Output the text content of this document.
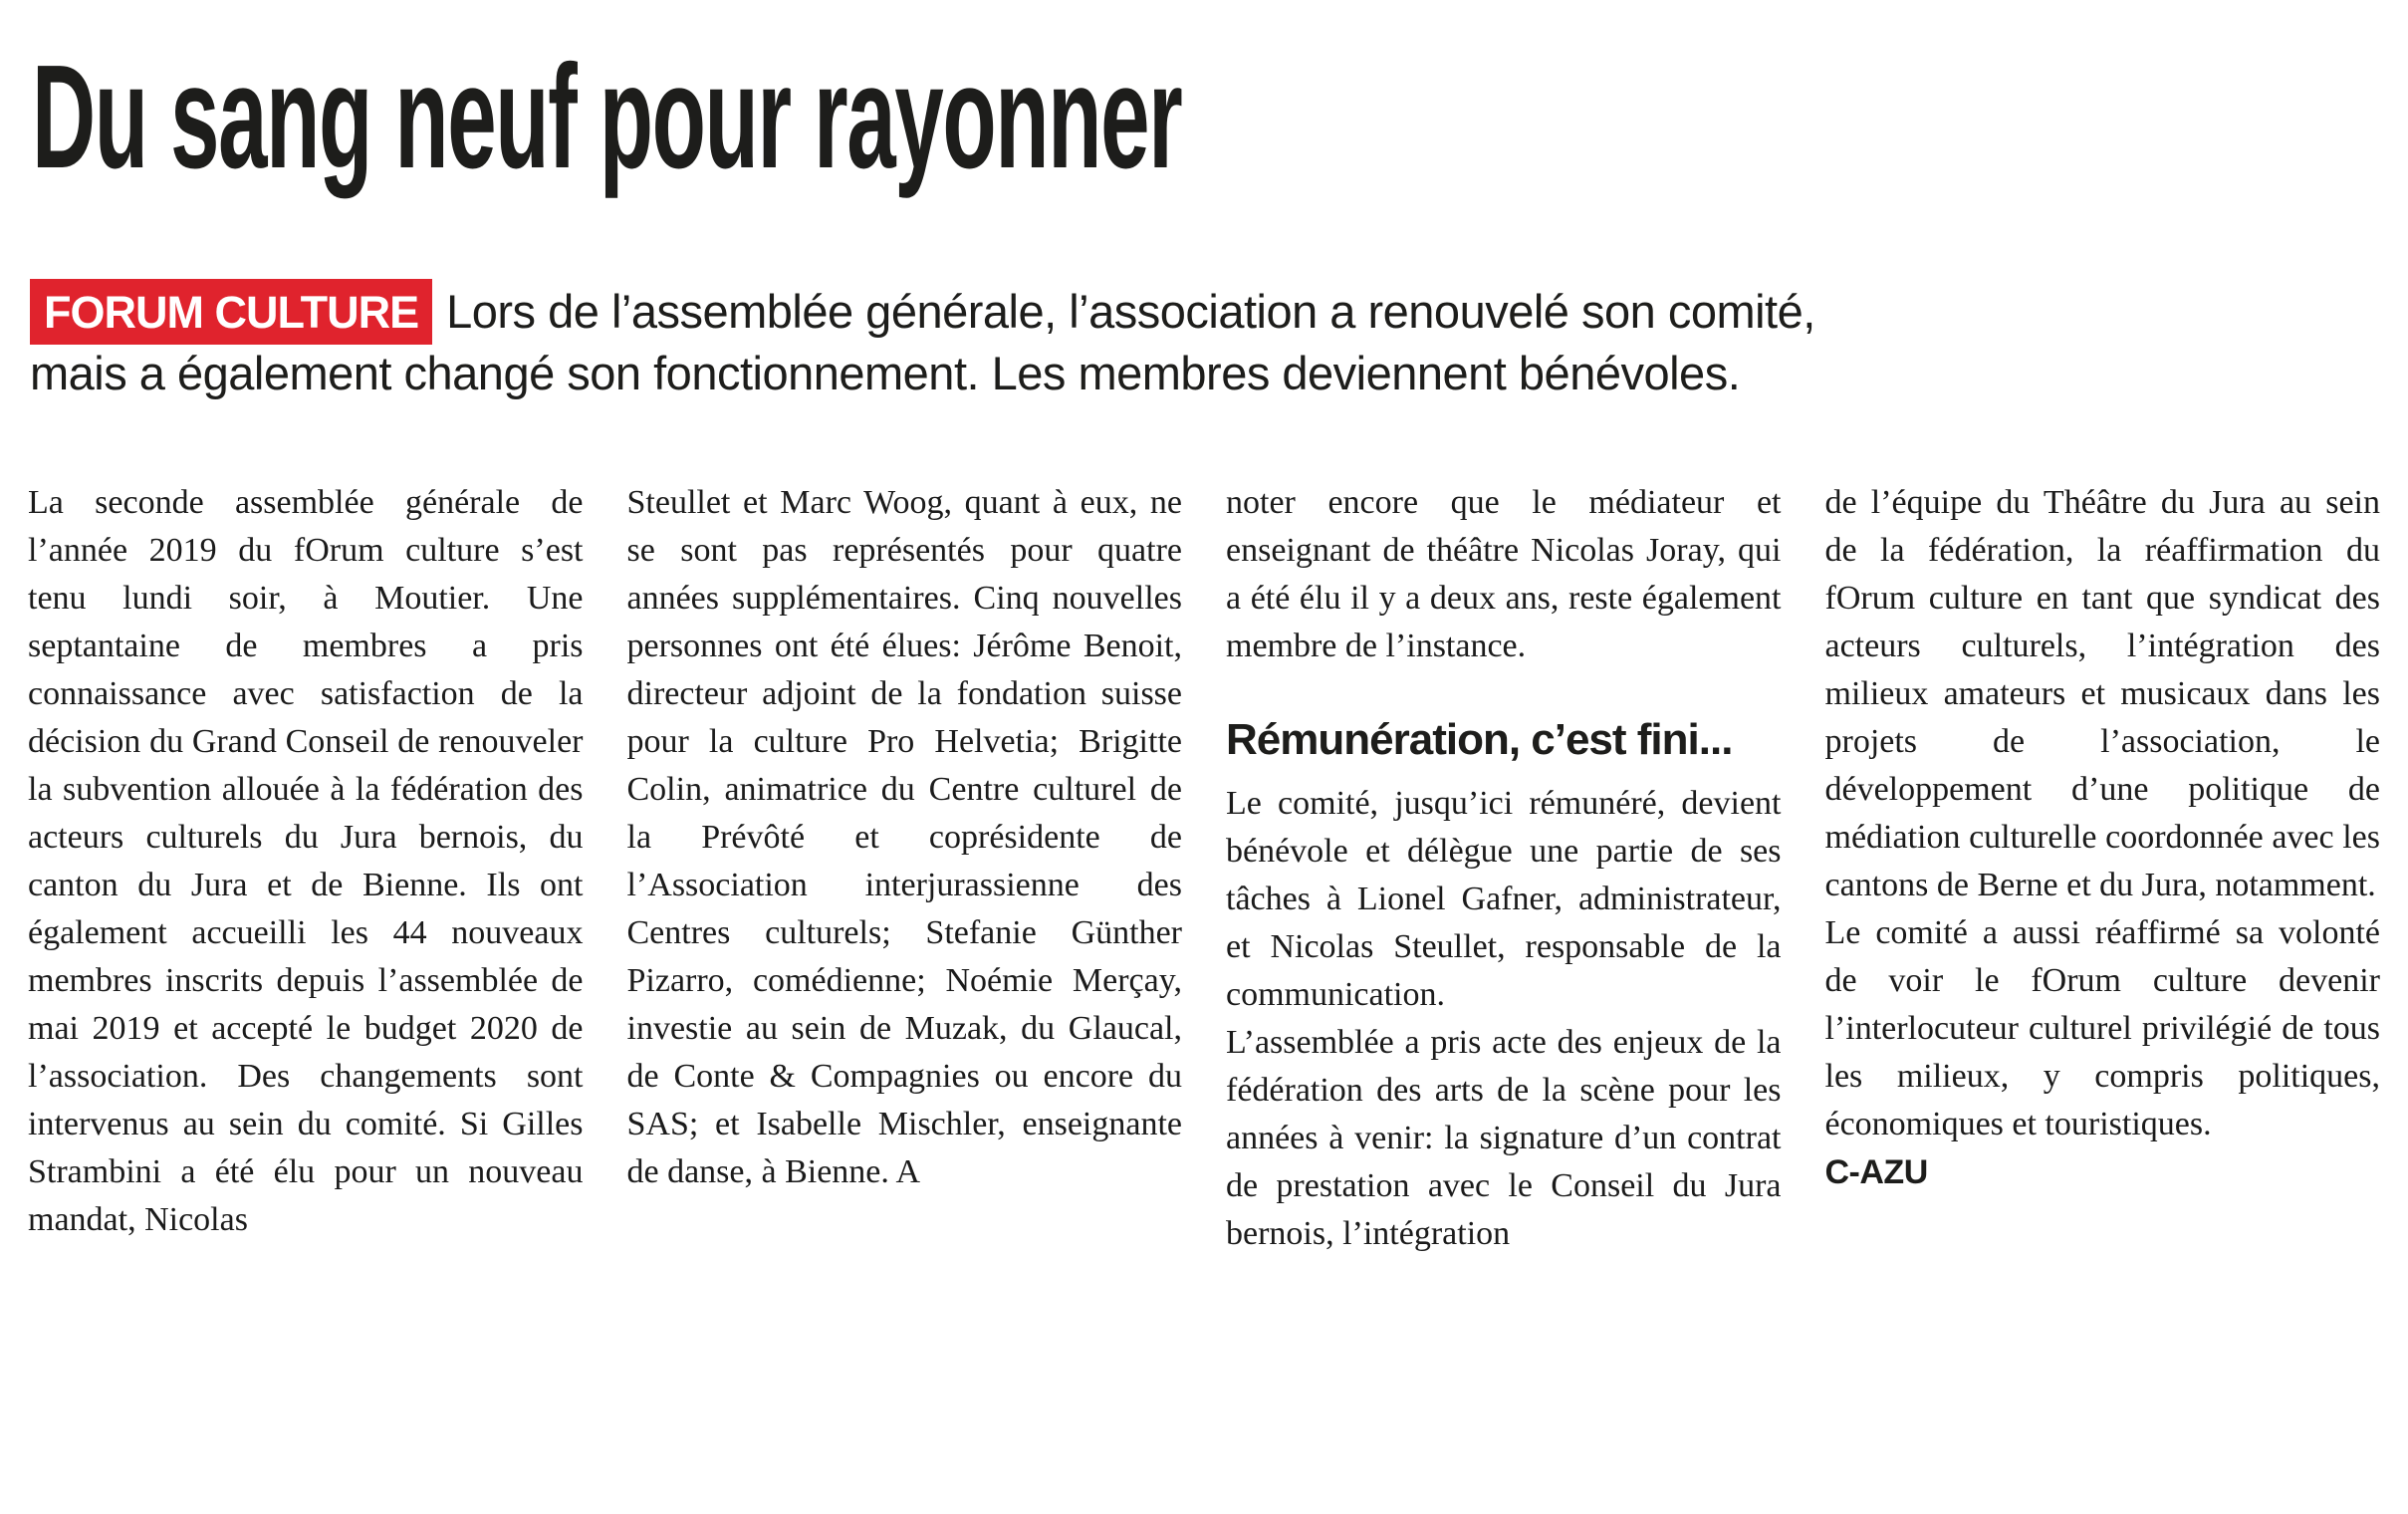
Du sang neuf pour rayonner
FORUM CULTURE Lors de l’assemblée générale, l’association a renouvelé son comité,
mais a également changé son fonctionnement. Les membres deviennent bénévoles.

La seconde assemblée générale de l’année 2019 du fOrum culture s’est tenu lundi soir, à Moutier. Une septantaine de membres a pris connaissance avec satisfaction de la décision du Grand Conseil de renouveler la subvention allouée à la fédération des acteurs culturels du Jura bernois, du canton du Jura et de Bienne. Ils ont également accueilli les 44 nouveaux membres inscrits depuis l’assemblée de mai 2019 et accepté le budget 2020 de l’association. Des changements sont intervenus au sein du comité. Si Gilles Strambini a été élu pour un nouveau mandat, Nicolas

Steullet et Marc Woog, quant à eux, ne se sont pas représentés pour quatre années supplémentaires. Cinq nouvelles personnes ont été élues: Jérôme Benoit, directeur adjoint de la fondation suisse pour la culture Pro Helvetia; Brigitte Colin, animatrice du Centre culturel de la Prévôté et coprésidente de l’Association interjurassienne des Centres culturels; Stefanie Günther Pizarro, comédienne; Noémie Merçay, investie au sein de Muzak, du Glaucal, de Conte & Compagnies ou encore du SAS; et Isabelle Mischler, enseignante de danse, à Bienne. A

noter encore que le médiateur et enseignant de théâtre Nicolas Joray, qui a été élu il y a deux ans, reste également membre de l’instance.

Rémunération, c’est fini...

Le comité, jusqu’ici rémunéré, devient bénévole et délègue une partie de ses tâches à Lionel Gafner, administrateur, et Nicolas Steullet, responsable de la communication.

L’assemblée a pris acte des enjeux de la fédération des arts de la scène pour les années à venir: la signature d’un contrat de prestation avec le Conseil du Jura bernois, l’intégration

de l’équipe du Théâtre du Jura au sein de la fédération, la réaffirmation du fOrum culture en tant que syndicat des acteurs culturels, l’intégration des milieux amateurs et musicaux dans les projets de l’association, le développement d’une politique de médiation culturelle coordonnée avec les cantons de Berne et du Jura, notamment.

Le comité a aussi réaffirmé sa volonté de voir le fOrum culture devenir l’interlocuteur culturel privilégié de tous les milieux, y compris politiques, économiques et touristiques.

C-AZU
